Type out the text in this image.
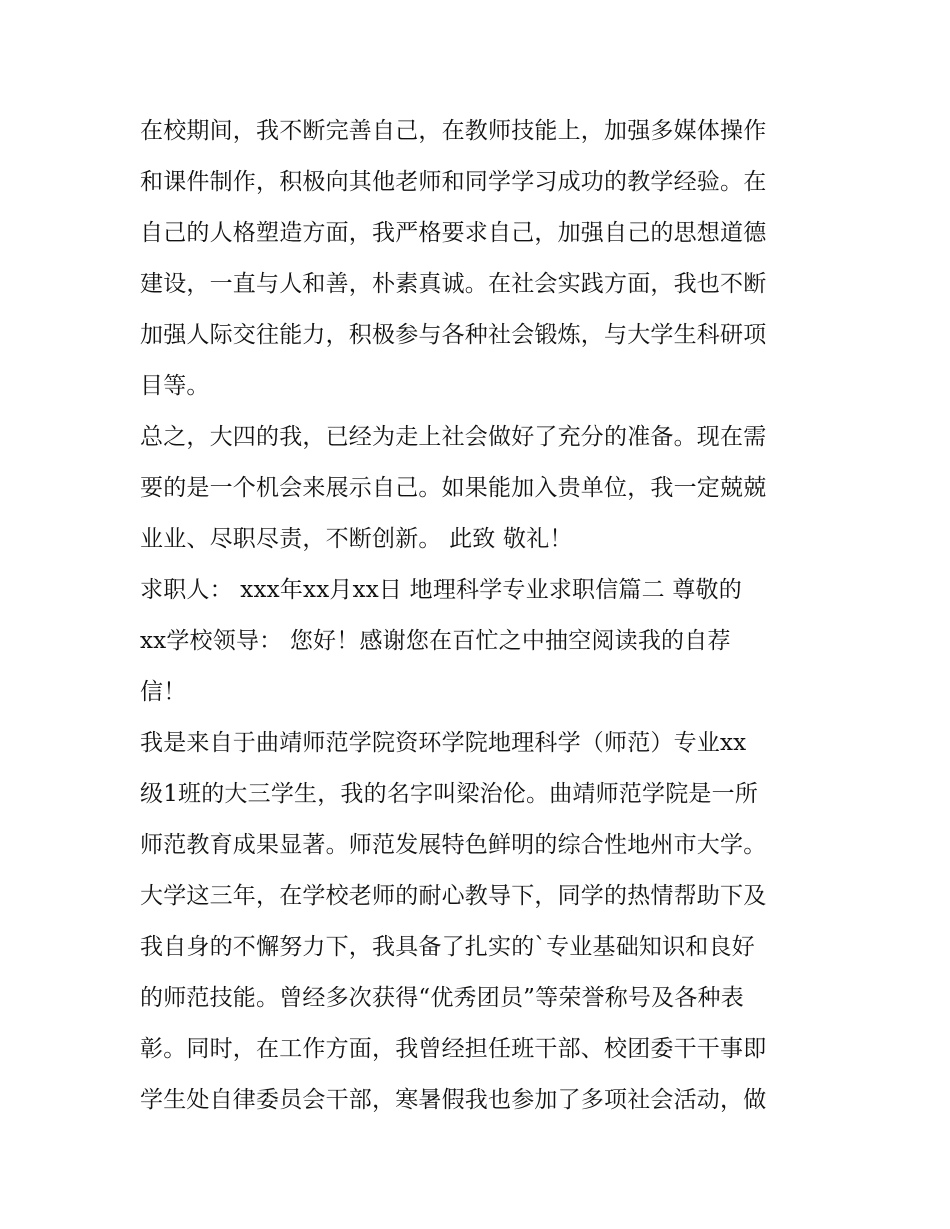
在校期间，我不断完善自己，在教师技能上，加强多媒体操作
和课件制作，积极向其他老师和同学学习成功的教学经验。在
自己的人格塑造方面，我严格要求自己，加强自己的思想道德
建设，一直与人和善，朴素真诚。在社会实践方面，我也不断
加强人际交往能力，积极参与各种社会锻炼，与大学生科研项
目等。
总之，大四的我，已经为走上社会做好了充分的准备。现在需
要的是一个机会来展示自己。如果能加入贵单位，我一定兢兢
业业、尽职尽责，不断创新。 此致 敬礼！
求职人： xxx年xx月xx日 地理科学专业求职信篇二 尊敬的
xx学校领导： 您好！感谢您在百忙之中抽空阅读我的自荐
信！
我是来自于曲靖师范学院资环学院地理科学（师范）专业xx
级1班的大三学生，我的名字叫梁治伦。曲靖师范学院是一所
师范教育成果显著。师范发展特色鲜明的综合性地州市大学。
大学这三年，在学校老师的耐心教导下，同学的热情帮助下及
我自身的不懈努力下，我具备了扎实的`专业基础知识和良好
的师范技能。曾经多次获得“优秀团员”等荣誉称号及各种表
彰。同时，在工作方面，我曾经担任班干部、校团委干干事即
学生处自律委员会干部，寒暑假我也参加了多项社会活动，做
